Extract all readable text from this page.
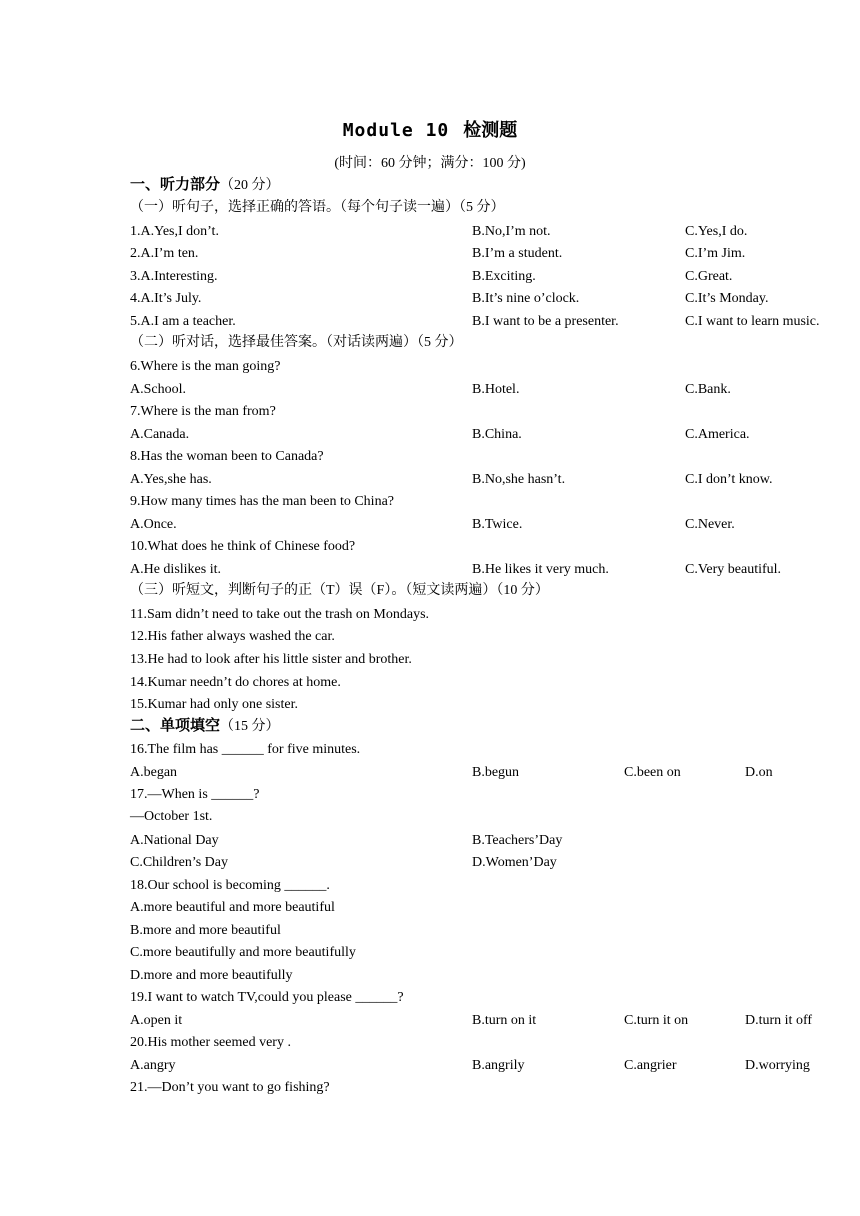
Module 10 检测题
(时间：60 分钟；满分：100 分)
一、听力部分（20 分）
（一）听句子，选择正确的答语。（每个句子读一遍）（5 分）
1.A.Yes,I don’t.	B.No,I’m not.	C.Yes,I do.
2.A.I’m ten.	B.I’m a student.	C.I’m Jim.
3.A.Interesting.	B.Exciting.	C.Great.
4.A.It’s July.	B.It’s nine o’clock.	C.It’s Monday.
5.A.I am a teacher.	B.I want to be a presenter.	C.I want to learn music.
（二）听对话，选择最佳答案。（对话读两遍）（5 分）
6.Where is the man going?
A.School.	B.Hotel.	C.Bank.
7.Where is the man from?
A.Canada.	B.China.	C.America.
8.Has the woman been to Canada?
A.Yes,she has.	B.No,she hasn’t.	C.I don’t know.
9.How many times has the man been to China?
A.Once.	B.Twice.	C.Never.
10.What does he think of Chinese food?
A.He dislikes it.	B.He likes it very much.	C.Very beautiful.
（三）听短文，判断句子的正（T）误（F）。（短文读两遍）（10 分）
11.Sam didn’t need to take out the trash on Mondays.
12.His father always washed the car.
13.He had to look after his little sister and brother.
14.Kumar needn’t do chores at home.
15.Kumar had only one sister.
二、单项填空（15 分）
16.The film has ______ for five minutes.
A.began	B.begun	C.been on	D.on
17.—When is ______?
—October 1st.
A.National Day	B.Teachers’Day
C.Children’s Day	D.Women’Day
18.Our school is becoming ______.
A.more beautiful and more beautiful
B.more and more beautiful
C.more beautifully and more beautifully
D.more and more beautifully
19.I want to watch TV,could you please ______?
A.open it	B.turn on it	C.turn it on	D.turn it off
20.His mother seemed very .
A.angry	B.angrily	C.angrier	D.worrying
21.—Don’t you want to go fishing?
